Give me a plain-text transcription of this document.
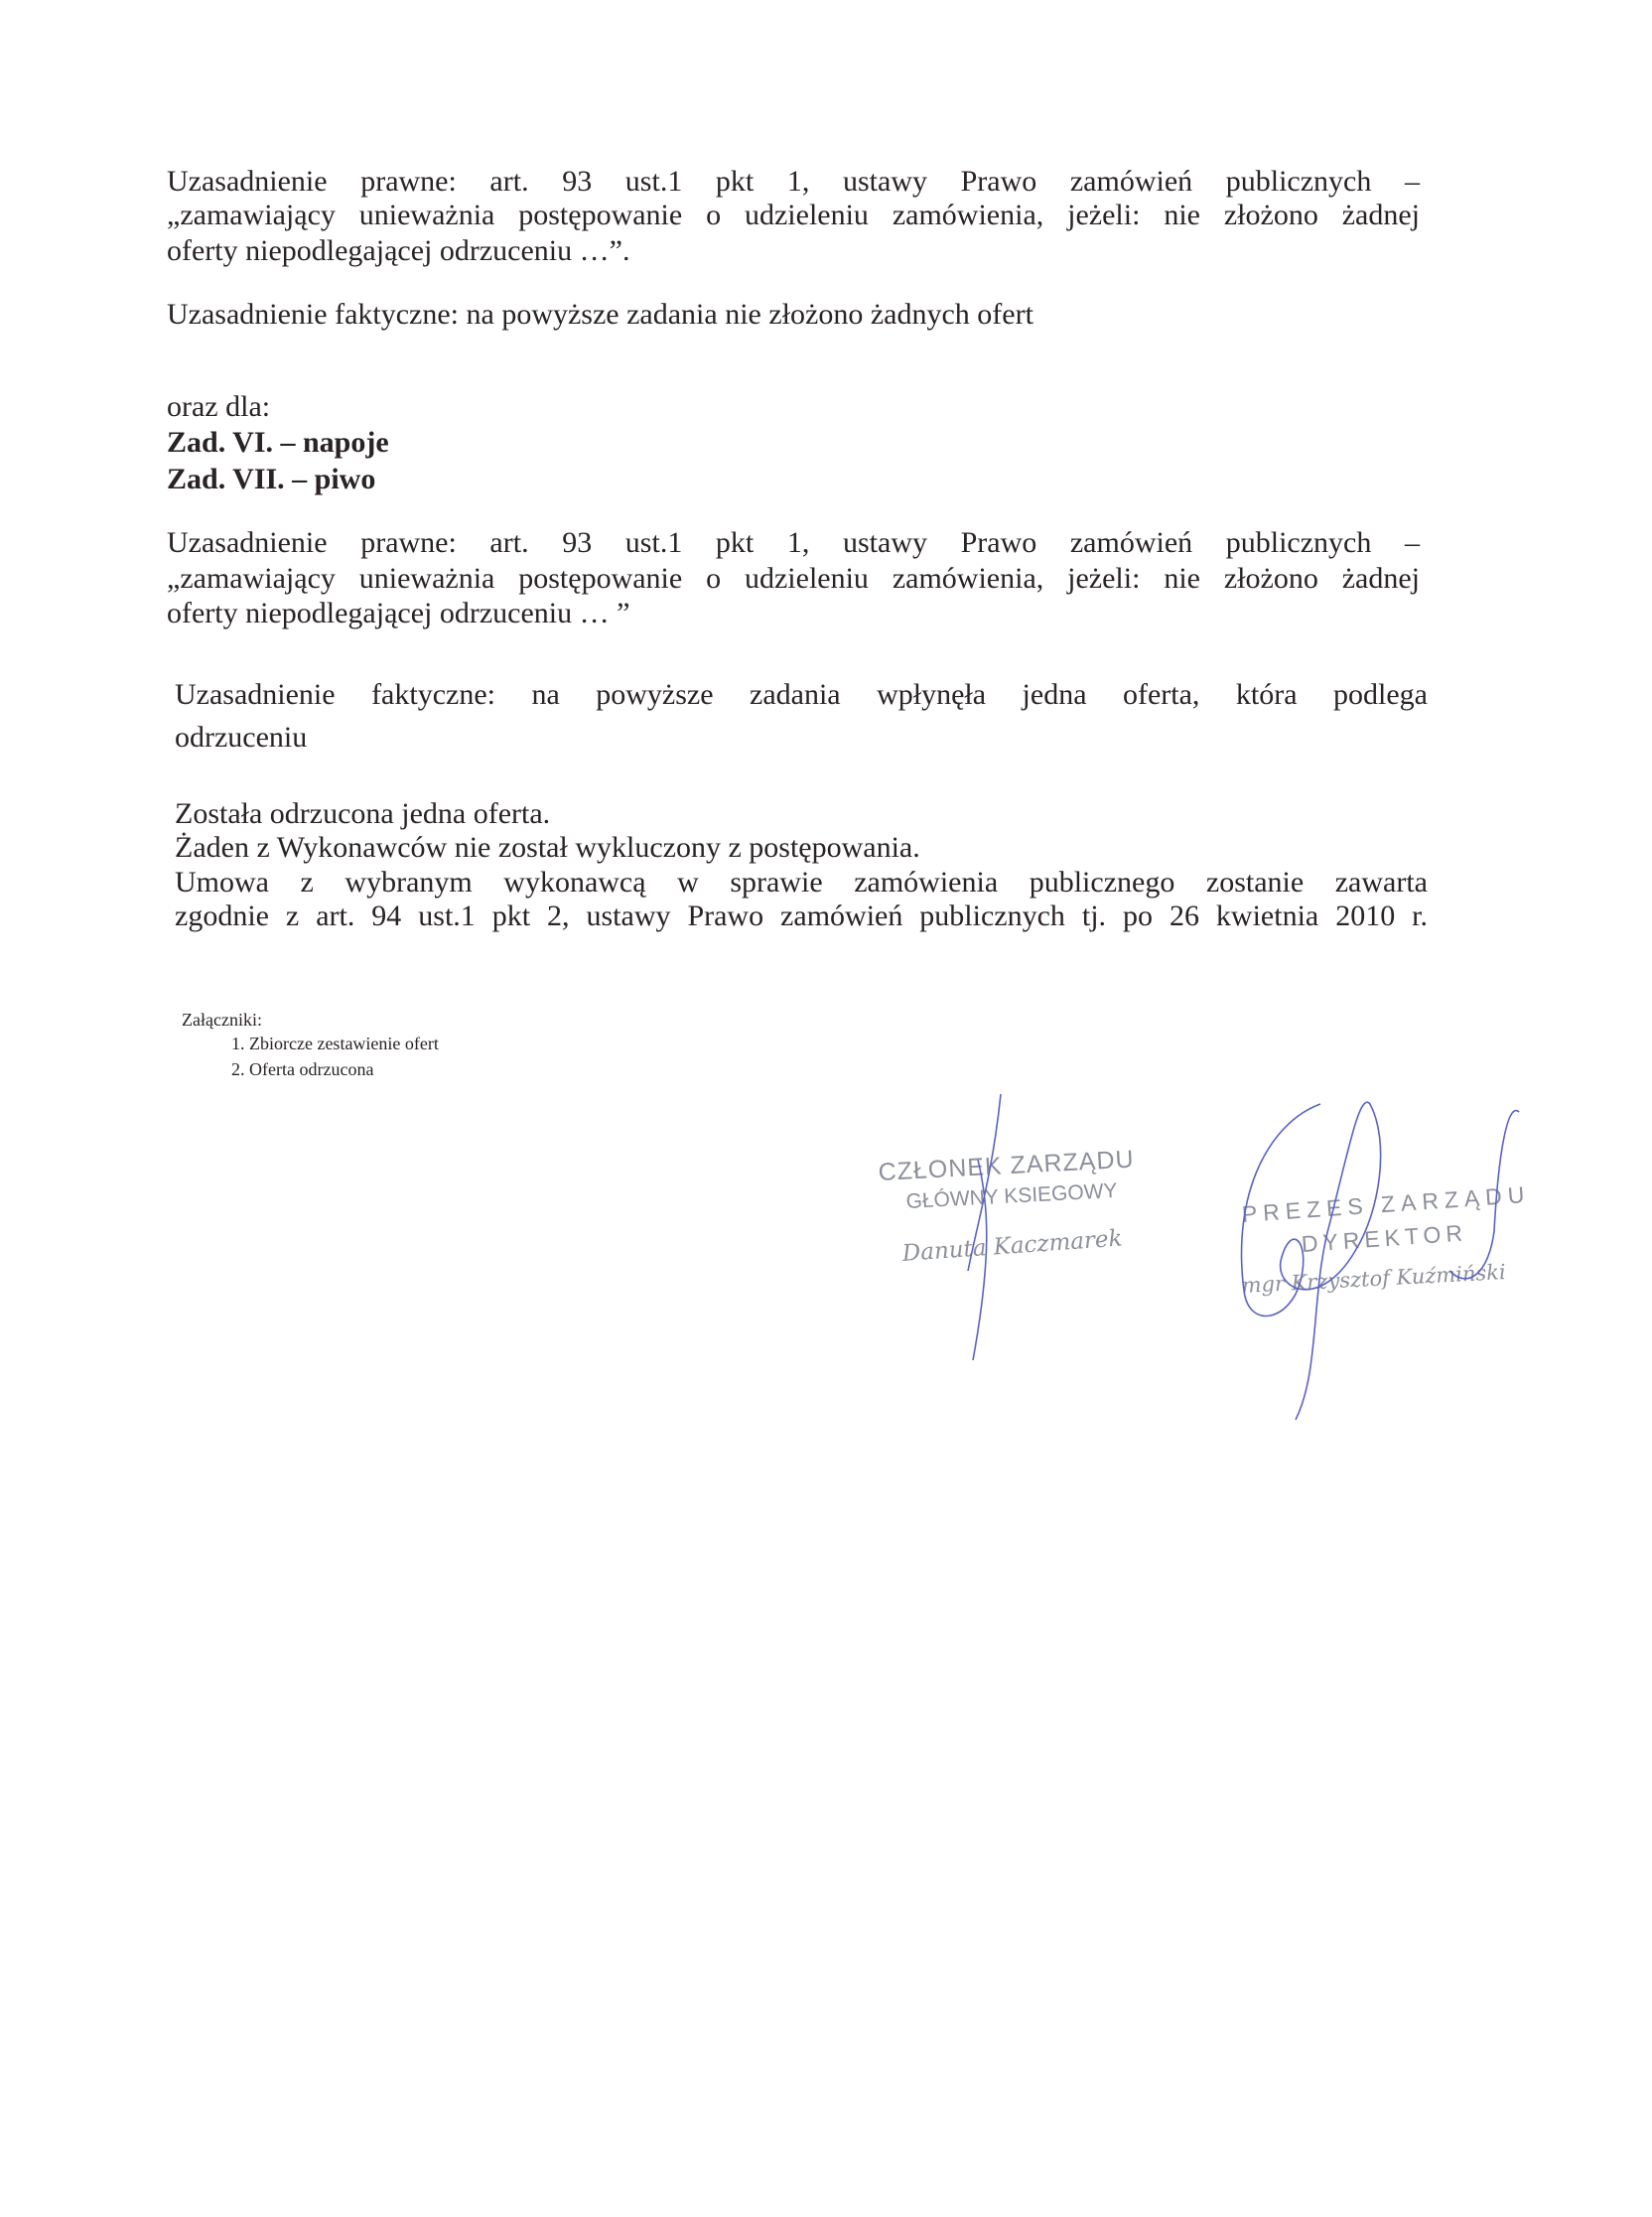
Uzasadnienie prawne: art. 93 ust.1 pkt 1, ustawy Prawo zamówień publicznych –
„zamawiający unieważnia postępowanie o udzieleniu zamówienia, jeżeli: nie złożono żadnej
oferty niepodlegającej odrzuceniu …”.
Uzasadnienie faktyczne: na powyższe zadania nie złożono żadnych ofert
oraz dla:
Zad. VI. – napoje
Zad. VII. – piwo
Uzasadnienie prawne: art. 93 ust.1 pkt 1, ustawy Prawo zamówień publicznych –
„zamawiający unieważnia postępowanie o udzieleniu zamówienia, jeżeli: nie złożono żadnej
oferty niepodlegającej odrzuceniu … ”
Uzasadnienie faktyczne: na powyższe zadania wpłynęła jedna oferta, która podlega
odrzuceniu
Została odrzucona jedna oferta.
Żaden z Wykonawców nie został wykluczony z postępowania.
Umowa z wybranym wykonawcą w sprawie zamówienia publicznego zostanie zawarta
zgodnie z art. 94 ust.1 pkt 2, ustawy Prawo zamówień publicznych tj. po 26 kwietnia 2010 r.
Załączniki:
1. Zbiorcze zestawienie ofert
2. Oferta odrzucona
CZŁONEK ZARZĄDU
GŁÓWNY KSIEGOWY
Danuta Kaczmarek
PREZES ZARZĄDU
DYREKTOR
mgr Krzysztof Kuźmiński
